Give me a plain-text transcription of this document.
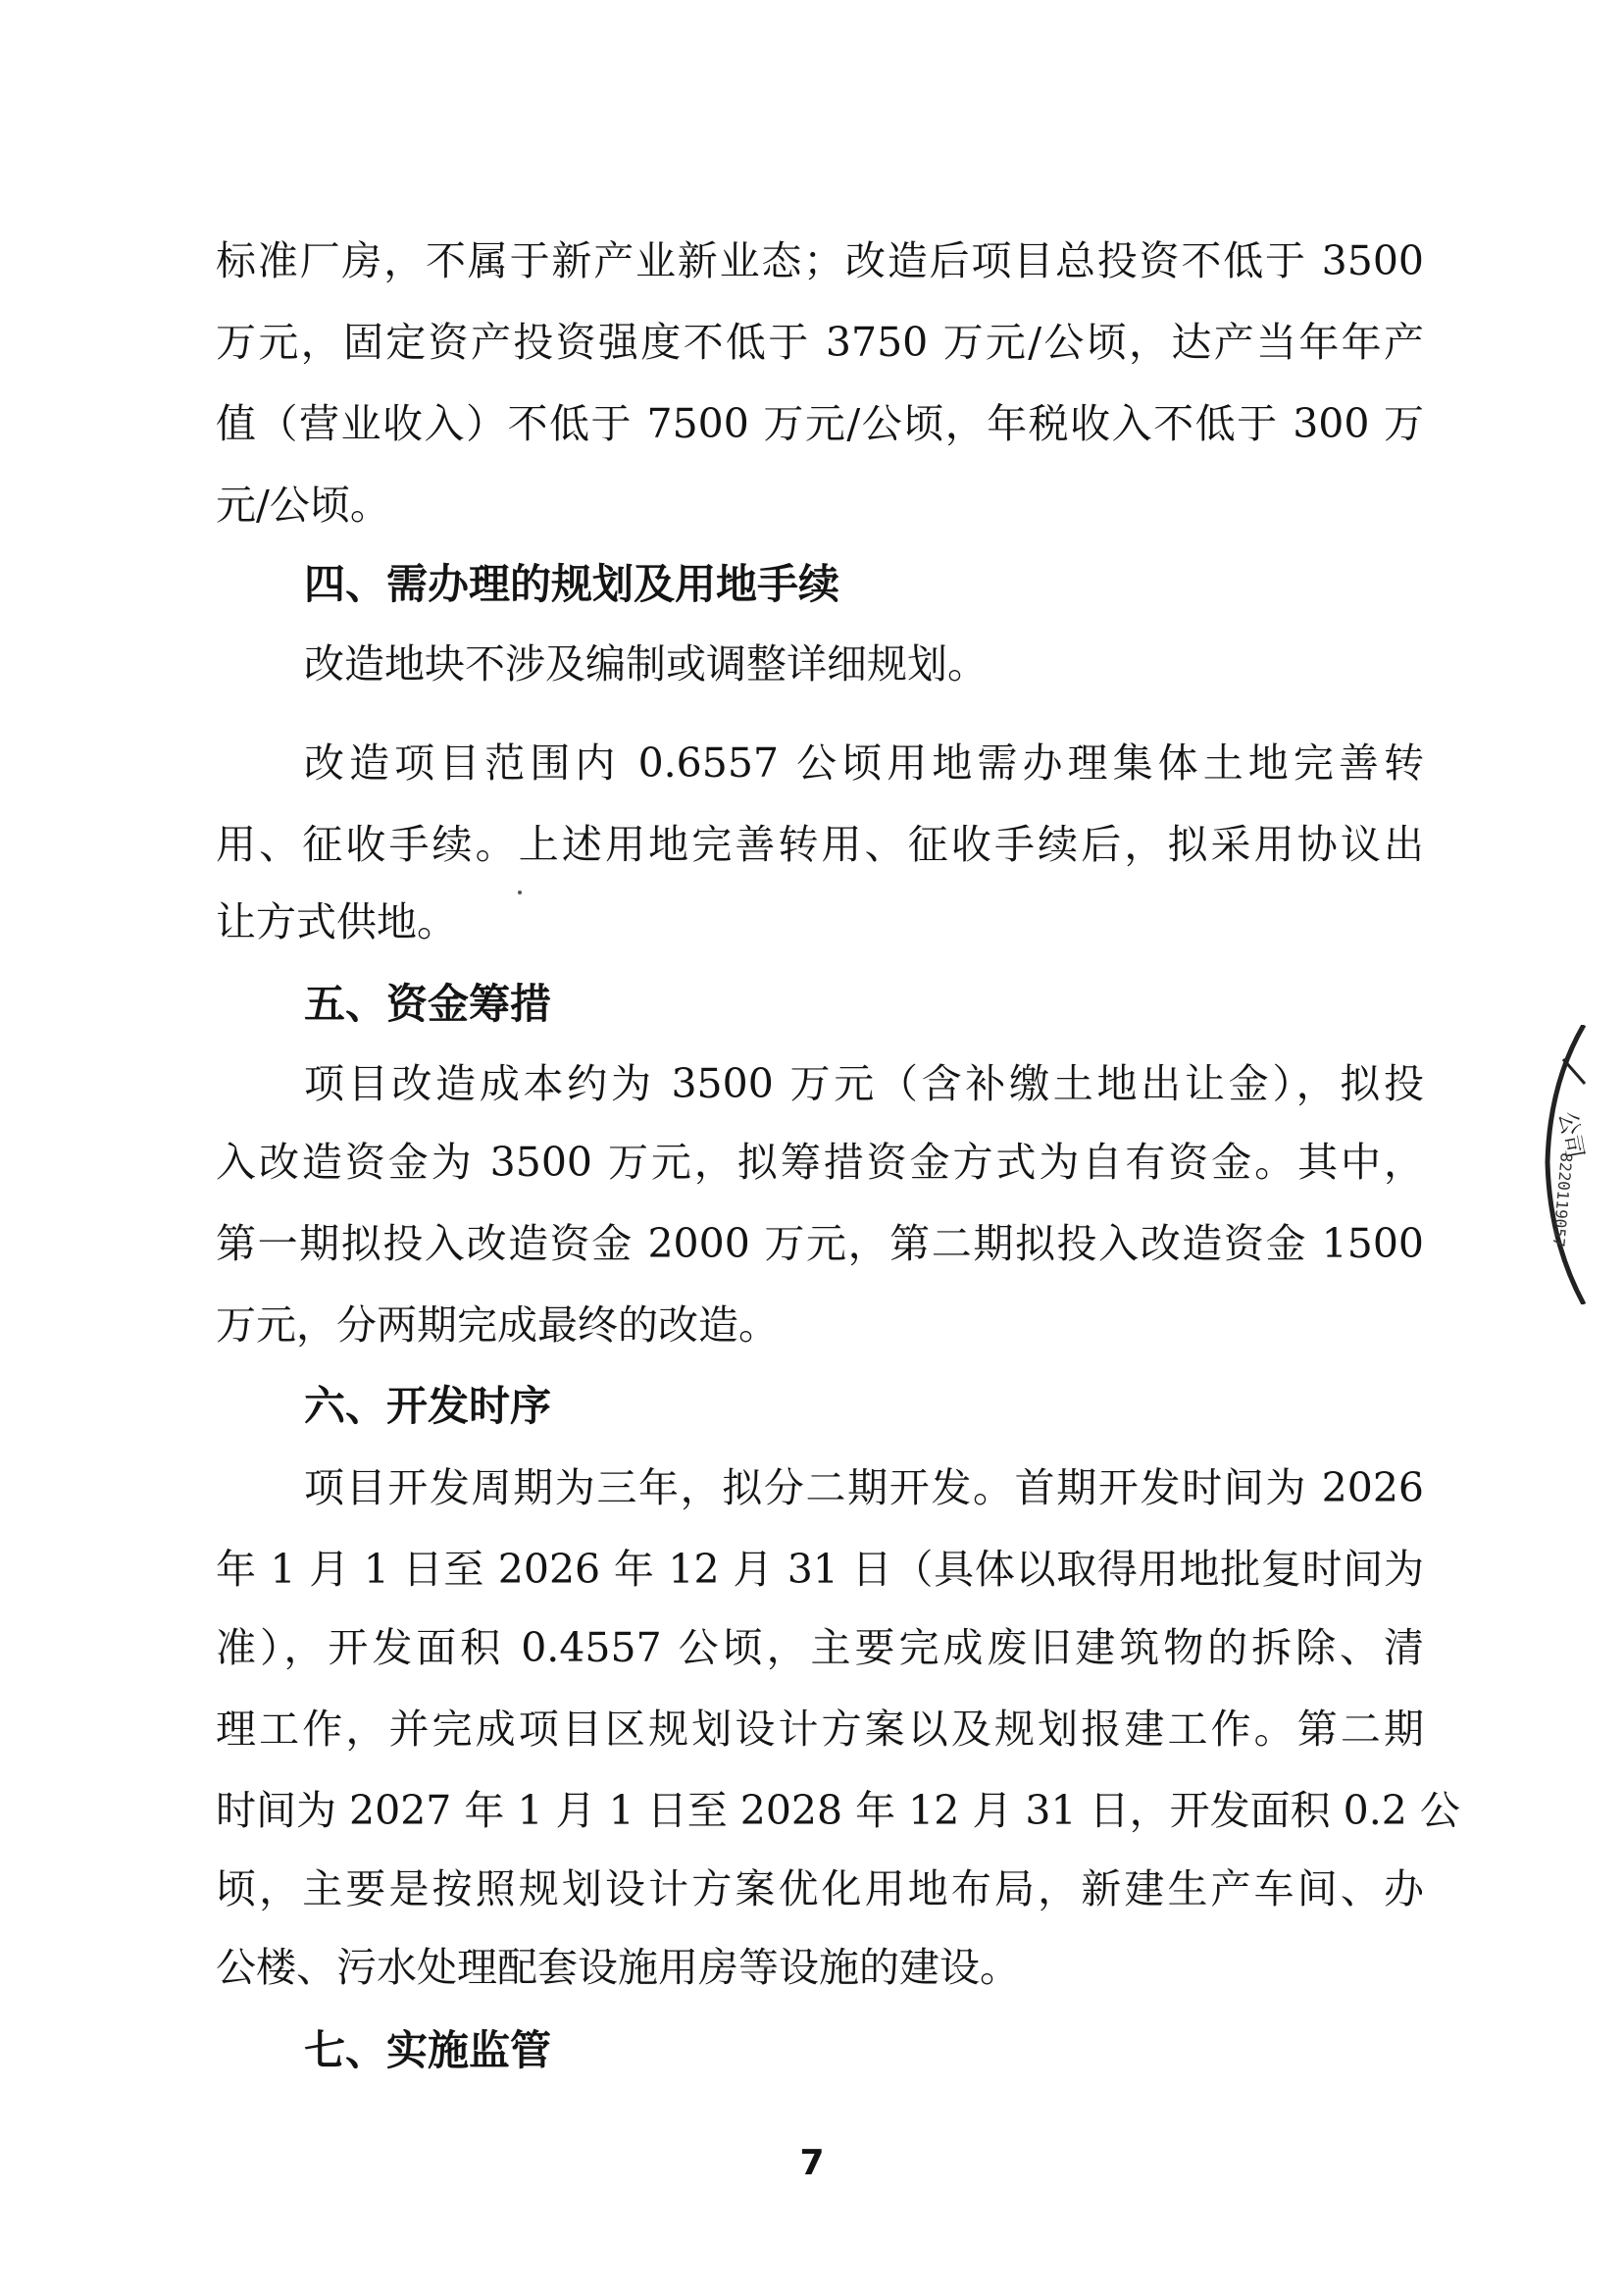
标准厂房，不属于新产业新业态；改造后项目总投资不低于 3500
万元，固定资产投资强度不低于 3750 万元/公顷，达产当年年产
值（营业收入）不低于 7500 万元/公顷，年税收入不低于 300 万
元/公顷。
四、需办理的规划及用地手续
改造地块不涉及编制或调整详细规划。
改造项目范围内 0.6557 公顷用地需办理集体土地完善转
用、征收手续。上述用地完善转用、征收手续后，拟采用协议出
让方式供地。
五、资金筹措
项目改造成本约为 3500 万元（含补缴土地出让金），拟投
入改造资金为 3500 万元，拟筹措资金方式为自有资金。其中，
第一期拟投入改造资金 2000 万元，第二期拟投入改造资金 1500
万元，分两期完成最终的改造。
六、开发时序
项目开发周期为三年，拟分二期开发。首期开发时间为 2026
年 1 月 1 日至 2026 年 12 月 31 日（具体以取得用地批复时间为
准），开发面积 0.4557 公顷，主要完成废旧建筑物的拆除、清
理工作，并完成项目区规划设计方案以及规划报建工作。第二期
时间为 2027 年 1 月 1 日至 2028 年 12 月 31 日，开发面积 0.2 公
顷，主要是按照规划设计方案优化用地布局，新建生产车间、办
公楼、污水处理配套设施用房等设施的建设。
七、实施监管
7
公司
8220119057
